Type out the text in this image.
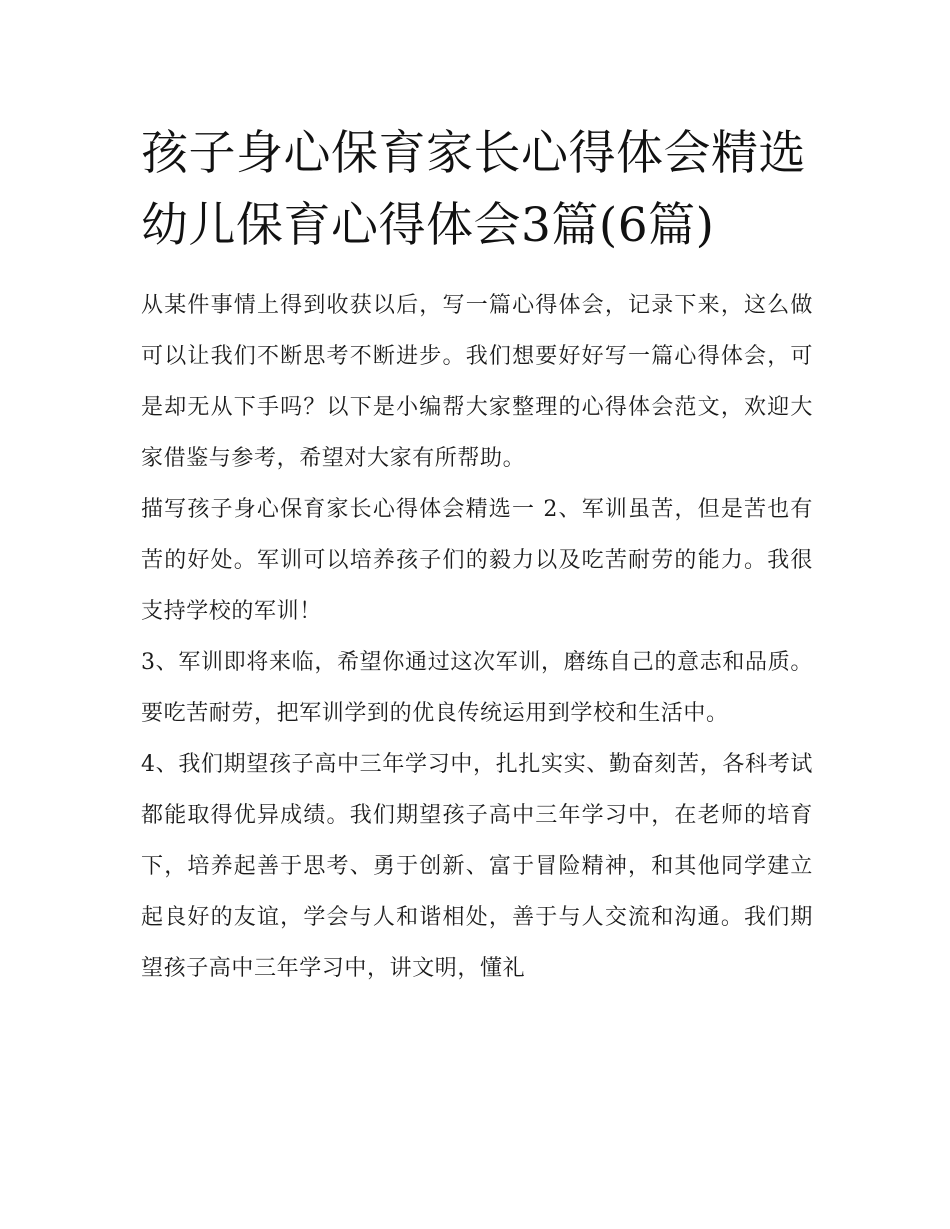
孩子身心保育家长心得体会精选 幼儿保育心得体会3篇(6篇)

从某件事情上得到收获以后，写一篇心得体会，记录下来，这么做可以让我们不断思考不断进步。我们想要好好写一篇心得体会，可是却无从下手吗？以下是小编帮大家整理的心得体会范文，欢迎大家借鉴与参考，希望对大家有所帮助。

描写孩子身心保育家长心得体会精选一 2、军训虽苦，但是苦也有苦的好处。军训可以培养孩子们的毅力以及吃苦耐劳的能力。我很支持学校的军训！

3、军训即将来临，希望你通过这次军训，磨练自己的意志和品质。要吃苦耐劳，把军训学到的优良传统运用到学校和生活中。

4、我们期望孩子高中三年学习中，扎扎实实、勤奋刻苦，各科考试都能取得优异成绩。我们期望孩子高中三年学习中，在老师的培育下，培养起善于思考、勇于创新、富于冒险精神，和其他同学建立起良好的友谊，学会与人和谐相处，善于与人交流和沟通。我们期望孩子高中三年学习中，讲文明，懂礼
